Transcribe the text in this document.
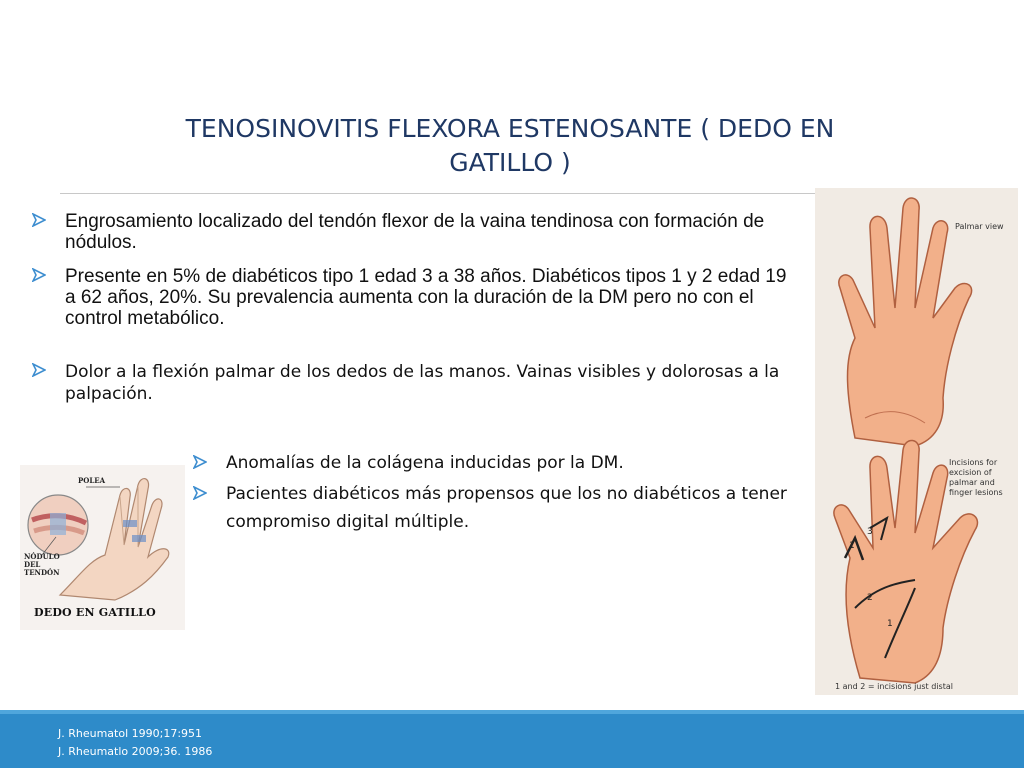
TENOSINOVITIS FLEXORA ESTENOSANTE ( DEDO EN GATILLO )
Engrosamiento localizado del tendón flexor de la vaina tendinosa con formación de nódulos.
Presente en 5% de diabéticos tipo 1 edad 3 a 38 años. Diabéticos tipos 1 y 2 edad 19 a 62 años, 20%. Su prevalencia aumenta con la duración de la DM pero no con el control metabólico.
Dolor a la flexión palmar de los dedos de las manos. Vainas visibles y dolorosas a la palpación.
Anomalías de la colágena inducidas por la DM.
Pacientes diabéticos más propensos que los no diabéticos a tener compromiso digital múltiple.
POLEA
NÓDULO DEL TENDÓN
DEDO EN GATILLO
3
1
2
1
Palmar view
Incisions for excision of palmar and finger lesions
1 and 2 = incisions just distal
J. Rheumatol 1990;17:951
J. Rheumatlo 2009;36. 1986
